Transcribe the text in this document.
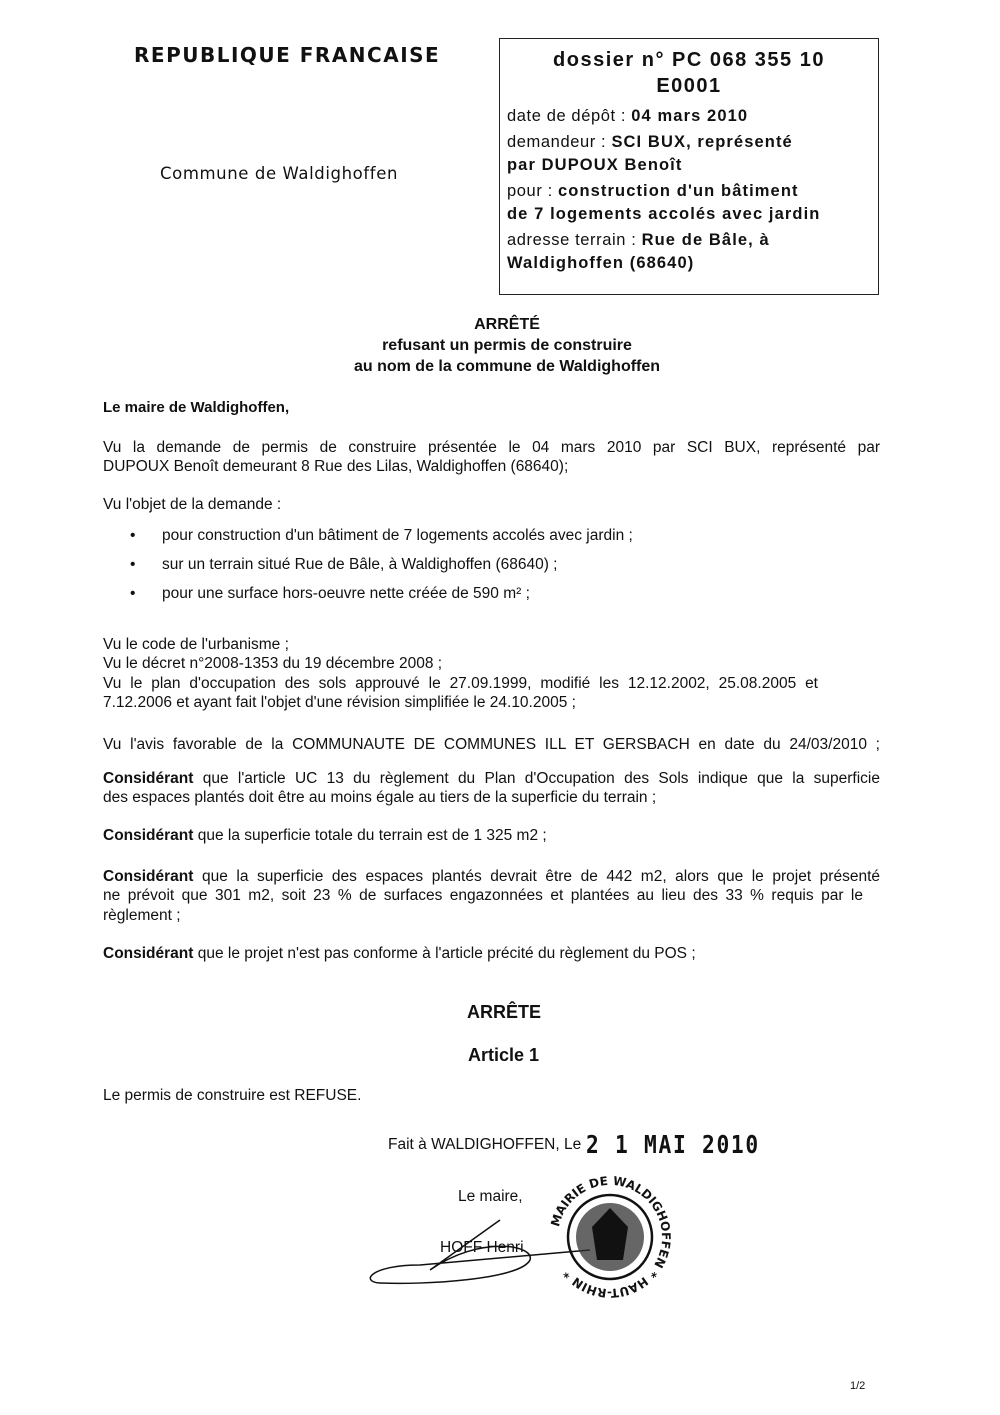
REPUBLIQUE FRANCAISE
Commune de Waldighoffen
dossier n° PC 068 355 10
E0001
date de dépôt : 04 mars 2010
demandeur : SCI BUX, représenté
par DUPOUX Benoît
pour : construction d'un bâtiment
de 7 logements accolés avec jardin
adresse terrain : Rue de Bâle, à
Waldighoffen (68640)
ARRÊTÉ
refusant un permis de construire
au nom de la commune de Waldighoffen
Le maire de Waldighoffen,
Vu la demande de permis de construire présentée le 04 mars 2010 par SCI BUX, représenté par
DUPOUX Benoît demeurant 8 Rue des Lilas, Waldighoffen (68640);
Vu l'objet de la demande :
• pour construction d'un bâtiment de 7 logements accolés avec jardin ;
• sur un terrain situé Rue de Bâle, à Waldighoffen (68640) ;
• pour une surface hors-oeuvre nette créée de 590 m² ;
Vu le code de l'urbanisme ;
Vu le décret n°2008-1353 du 19 décembre 2008 ;
Vu le plan d'occupation des sols approuvé le 27.09.1999, modifié les 12.12.2002, 25.08.2005 et
7.12.2006 et ayant fait l'objet d'une révision simplifiée le 24.10.2005 ;
Vu l'avis favorable de la COMMUNAUTE DE COMMUNES ILL ET GERSBACH en date du 24/03/2010 ;
Considérant que l'article UC 13 du règlement du Plan d'Occupation des Sols indique que la superficie
des espaces plantés doit être au moins égale au tiers de la superficie du terrain ;
Considérant que la superficie totale du terrain est de 1 325 m2 ;
Considérant que la superficie des espaces plantés devrait être de 442 m2, alors que le projet présenté
ne prévoit que 301 m2, soit 23 % de surfaces engazonnées et plantées au lieu des 33 % requis par le
règlement ;
Considérant que le projet n'est pas conforme à l'article précité du règlement du POS ;
ARRÊTE
Article 1
Le permis de construire est REFUSE.
Fait à WALDIGHOFFEN, Le 2 1 MAI 2010
Le maire,
HOFF Henri
MAIRIE DE WALDIGHOFFEN * HAUT-RHIN *
1/2
